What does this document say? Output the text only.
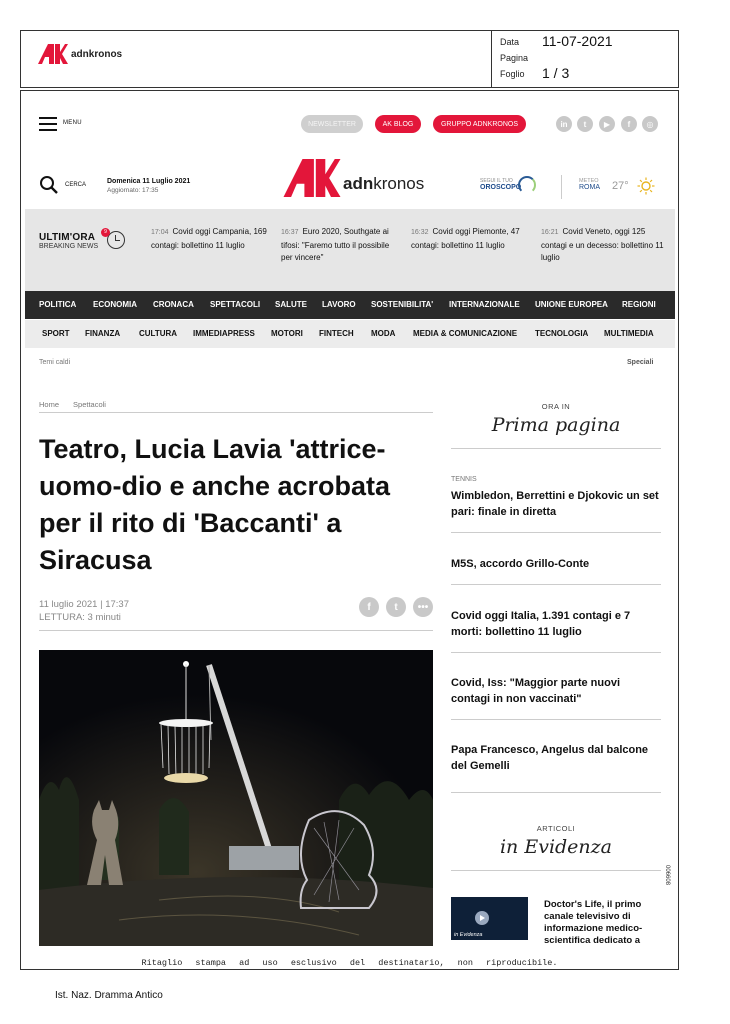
adnkronos
Data 11-07-2021
Pagina
Foglio 1 / 3
MENU	NEWSLETTER	AK BLOG	GRUPPO ADNKRONOS	in	t	▶	f	◎
CERCA	Domenica 11 Luglio 2021
Aggiornato: 17:35	adnkronos	SEGUI IL TUO
OROSCOPO
METEO
ROMA 27°
ULTIM'ORA
BREAKING NEWS
9	17:04 Covid oggi Campania, 169 contagi: bollettino 11 luglio
16:37 Euro 2020, Southgate ai tifosi: "Faremo tutto il possibile per vincere"
16:32 Covid oggi Piemonte, 47 contagi: bollettino 11 luglio
16:21 Covid Veneto, oggi 125 contagi e un decesso: bollettino 11 luglio
POLITICA ECONOMIA CRONACA SPETTACOLI SALUTE LAVORO SOSTENIBILITA' INTERNAZIONALE UNIONE EUROPEA REGIONI
SPORT FINANZA CULTURA IMMEDIAPRESS MOTORI FINTECH MODA MEDIA & COMUNICAZIONE TECNOLOGIA MULTIMEDIA
Temi caldi	Speciali
Home Spettacoli
Teatro, Lucia Lavia 'attrice-uomo-dio e anche acrobata per il rito di 'Baccanti' a Siracusa
11 luglio 2021 | 17:37
LETTURA: 3 minuti
f	t	•••
ORA IN
Prima pagina
TENNIS
Wimbledon, Berrettini e Djokovic un set pari: finale in diretta
M5S, accordo Grillo-Conte
Covid oggi Italia, 1.391 contagi e 7 morti: bollettino 11 luglio
Covid, Iss: "Maggior parte nuovi contagi in non vaccinati"
Papa Francesco, Angelus dal balcone del Gemelli
ARTICOLI
in Evidenza
in Evidenza
Doctor's Life, il primo canale televisivo di informazione medico-scientifica dedicato a
Ritaglio stampa ad uso esclusivo del destinatario, non riproducibile.
006608
Ist. Naz. Dramma Antico
